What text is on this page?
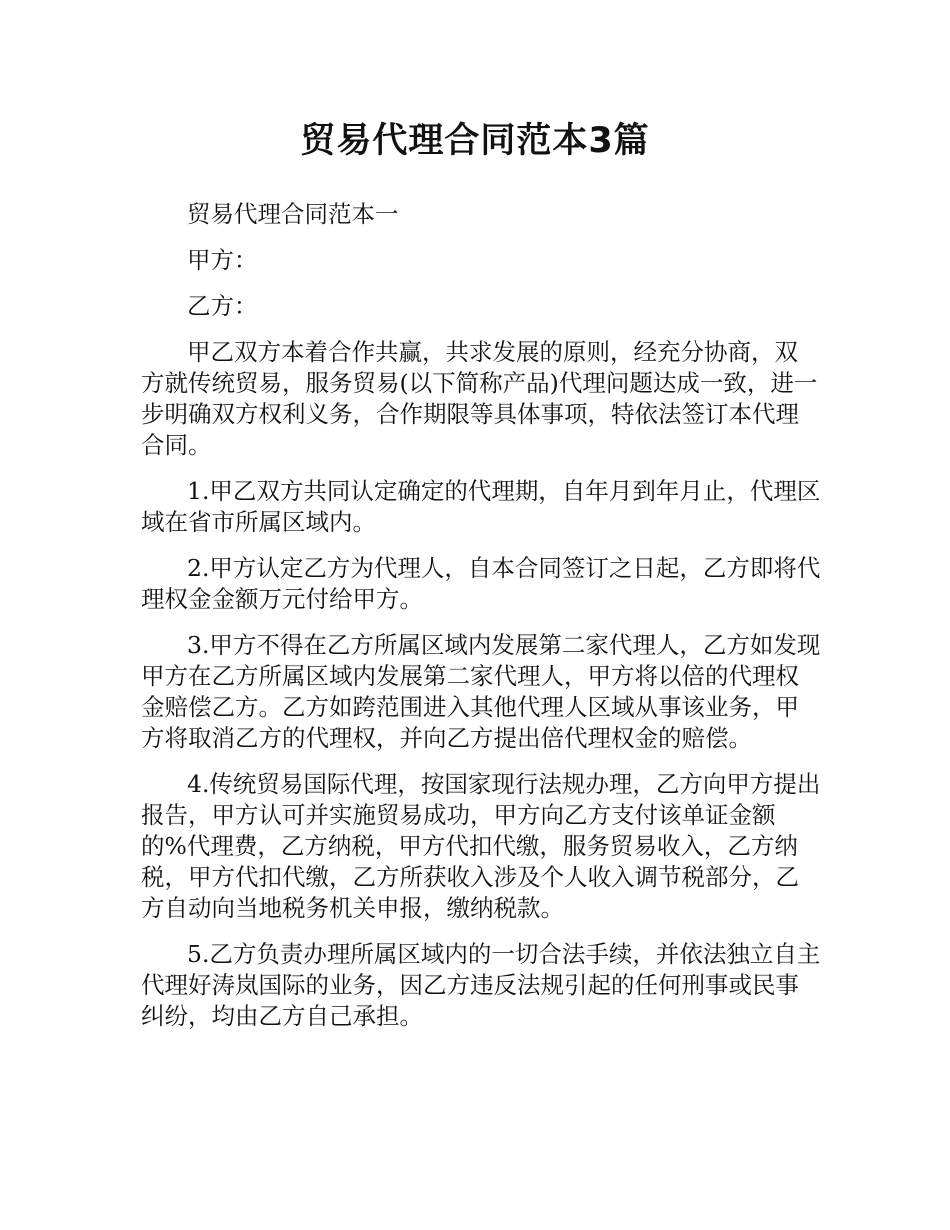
贸易代理合同范本3篇

贸易代理合同范本一

甲方：

乙方：

甲乙双方本着合作共赢，共求发展的原则，经充分协商，双方就传统贸易，服务贸易(以下简称产品)代理问题达成一致，进一步明确双方权利义务，合作期限等具体事项，特依法签订本代理合同。

1.甲乙双方共同认定确定的代理期，自年月到年月止，代理区域在省市所属区域内。

2.甲方认定乙方为代理人，自本合同签订之日起，乙方即将代理权金金额万元付给甲方。

3.甲方不得在乙方所属区域内发展第二家代理人，乙方如发现甲方在乙方所属区域内发展第二家代理人，甲方将以倍的代理权金赔偿乙方。乙方如跨范围进入其他代理人区域从事该业务，甲方将取消乙方的代理权，并向乙方提出倍代理权金的赔偿。

4.传统贸易国际代理，按国家现行法规办理，乙方向甲方提出报告，甲方认可并实施贸易成功，甲方向乙方支付该单证金额的%代理费，乙方纳税，甲方代扣代缴，服务贸易收入，乙方纳税，甲方代扣代缴，乙方所获收入涉及个人收入调节税部分，乙方自动向当地税务机关申报，缴纳税款。

5.乙方负责办理所属区域内的一切合法手续，并依法独立自主代理好涛岚国际的业务，因乙方违反法规引起的任何刑事或民事纠纷，均由乙方自己承担。
